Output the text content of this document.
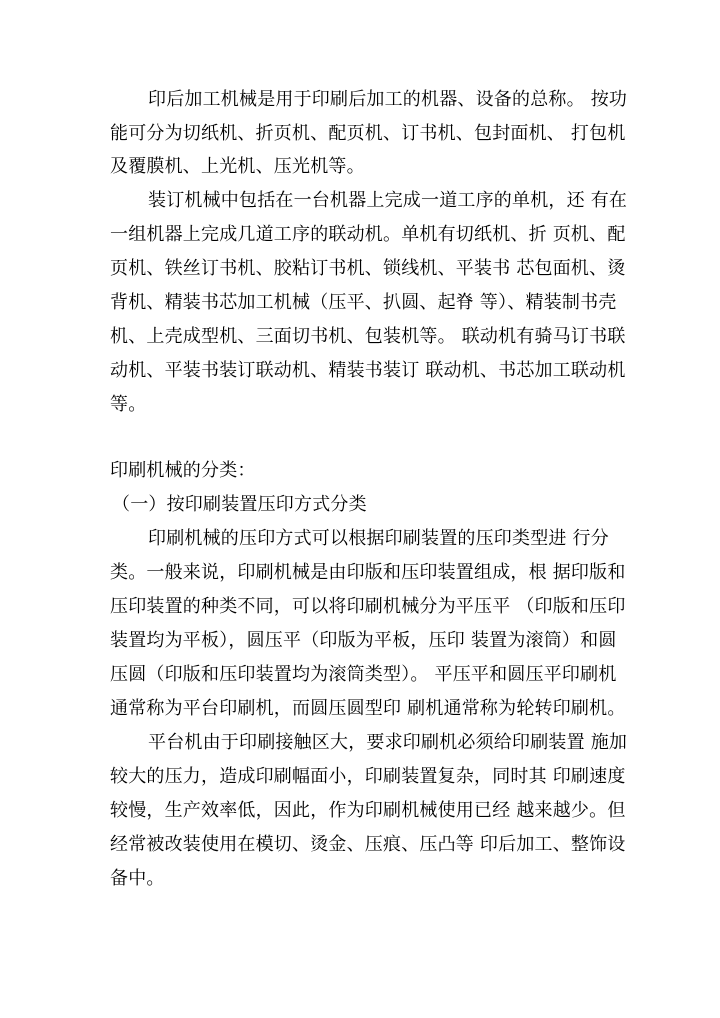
印后加工机械是用于印刷后加工的机器、设备的总称。 按功
能可分为切纸机、折页机、配页机、订书机、包封面机、 打包机
及覆膜机、上光机、压光机等。
装订机械中包括在一台机器上完成一道工序的单机，还 有在
一组机器上完成几道工序的联动机。单机有切纸机、折 页机、配
页机、铁丝订书机、胶粘订书机、锁线机、平装书 芯包面机、烫
背机、精装书芯加工机械（压平、扒圆、起脊 等）、精装制书壳
机、上壳成型机、三面切书机、包装机等。 联动机有骑马订书联
动机、平装书装订联动机、精装书装订 联动机、书芯加工联动机
等。
印刷机械的分类：
（一）按印刷装置压印方式分类
印刷机械的压印方式可以根据印刷装置的压印类型进 行分
类。一般来说，印刷机械是由印版和压印装置组成，根 据印版和
压印装置的种类不同，可以将印刷机械分为平压平 （印版和压印
装置均为平板），圆压平（印版为平板，压印 装置为滚筒）和圆
压圆（印版和压印装置均为滚筒类型）。 平压平和圆压平印刷机
通常称为平台印刷机，而圆压圆型印 刷机通常称为轮转印刷机。
平台机由于印刷接触区大，要求印刷机必须给印刷装置 施加
较大的压力，造成印刷幅面小，印刷装置复杂，同时其 印刷速度
较慢，生产效率低，因此，作为印刷机械使用已经 越来越少。但
经常被改装使用在模切、烫金、压痕、压凸等 印后加工、整饰设
备中。
